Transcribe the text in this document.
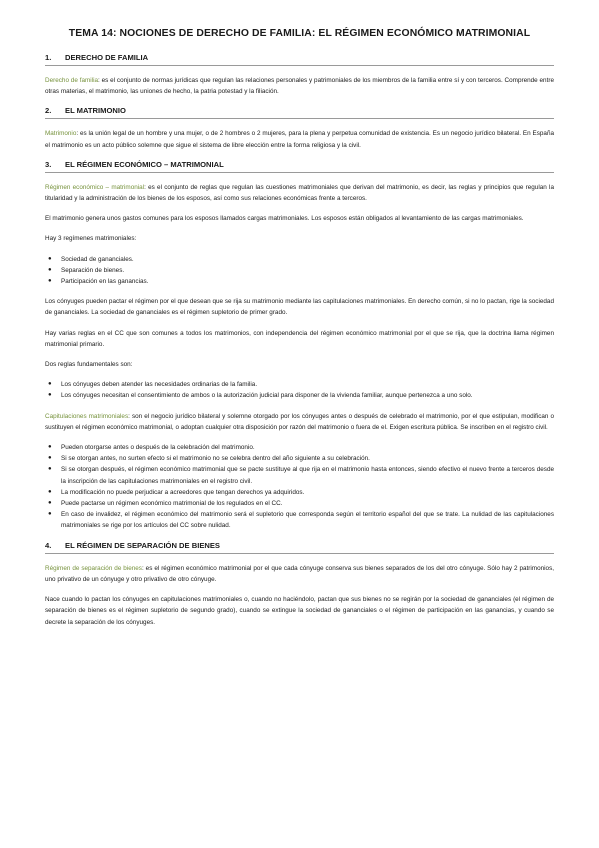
TEMA 14: NOCIONES DE DERECHO DE FAMILIA: EL RÉGIMEN ECONÓMICO MATRIMONIAL
1.	DERECHO DE FAMILIA

Derecho de familia: es el conjunto de normas jurídicas que regulan las relaciones personales y patrimoniales de los miembros de la familia entre sí y con terceros. Comprende entre otras materias, el matrimonio, las uniones de hecho, la patria potestad y la filiación.

2.	EL MATRIMONIO

Matrimonio: es la unión legal de un hombre y una mujer, o de 2 hombres o 2 mujeres, para la plena y perpetua comunidad de existencia. Es un negocio jurídico bilateral. En España el matrimonio es un acto público solemne que sigue el sistema de libre elección entre la forma religiosa y la civil.

3.	EL RÉGIMEN ECONÓMICO – MATRIMONIAL

Régimen económico – matrimonial: es el conjunto de reglas que regulan las cuestiones matrimoniales que derivan del matrimonio, es decir, las reglas y principios que regulan la titularidad y la administración de los bienes de los esposos, así como sus relaciones económicas frente a terceros.

El matrimonio genera unos gastos comunes para los esposos llamados cargas matrimoniales. Los esposos están obligados al levantamiento de las cargas matrimoniales.

Hay 3 regímenes matrimoniales:

● Sociedad de gananciales.
● Separación de bienes.
● Participación en las ganancias.

Los cónyuges pueden pactar el régimen por el que desean que se rija su matrimonio mediante las capitulaciones matrimoniales. En derecho común, si no lo pactan, rige la sociedad de gananciales. La sociedad de gananciales es el régimen supletorio de primer grado.

Hay varias reglas en el CC que son comunes a todos los matrimonios, con independencia del régimen económico matrimonial por el que se rija, que la doctrina llama régimen matrimonial primario.

Dos reglas fundamentales son:

● Los cónyuges deben atender las necesidades ordinarias de la familia.
● Los cónyuges necesitan el consentimiento de ambos o la autorización judicial para disponer de la vivienda familiar, aunque pertenezca a uno solo.

Capitulaciones matrimoniales: son el negocio jurídico bilateral y solemne otorgado por los cónyuges antes o después de celebrado el matrimonio, por el que estipulan, modifican o sustituyen el régimen económico matrimonial, o adoptan cualquier otra disposición por razón del matrimonio o fuera de el. Exigen escritura pública. Se inscriben en el registro civil.

● Pueden otorgarse antes o después de la celebración del matrimonio.
● Si se otorgan antes, no surten efecto si el matrimonio no se celebra dentro del año siguiente a su celebración.
● Si se otorgan después, el régimen económico matrimonial que se pacte sustituye al que rija en el matrimonio hasta entonces, siendo efectivo el nuevo frente a terceros desde la inscripción de las capitulaciones matrimoniales en el registro civil.
● La modificación no puede perjudicar a acreedores que tengan derechos ya adquiridos.
● Puede pactarse un régimen económico matrimonial de los regulados en el CC.
● En caso de invalidez, el régimen económico del matrimonio será el supletorio que corresponda según el territorio español del que se trate. La nulidad de las capitulaciones matrimoniales se rige por los artículos del CC sobre nulidad.
4.	EL RÉGIMEN DE SEPARACIÓN DE BIENES

Régimen de separación de bienes: es el régimen económico matrimonial por el que cada cónyuge conserva sus bienes separados de los del otro cónyuge. Sólo hay 2 patrimonios, uno privativo de un cónyuge y otro privativo de otro cónyuge.

Nace cuando lo pactan los cónyuges en capitulaciones matrimoniales o, cuando no haciéndolo, pactan que sus bienes no se regirán por la sociedad de gananciales (el régimen de separación de bienes es el régimen supletorio de segundo grado), cuando se extingue la sociedad de gananciales o el régimen de participación en las ganancias, y cuando se decrete la separación de los cónyuges.
